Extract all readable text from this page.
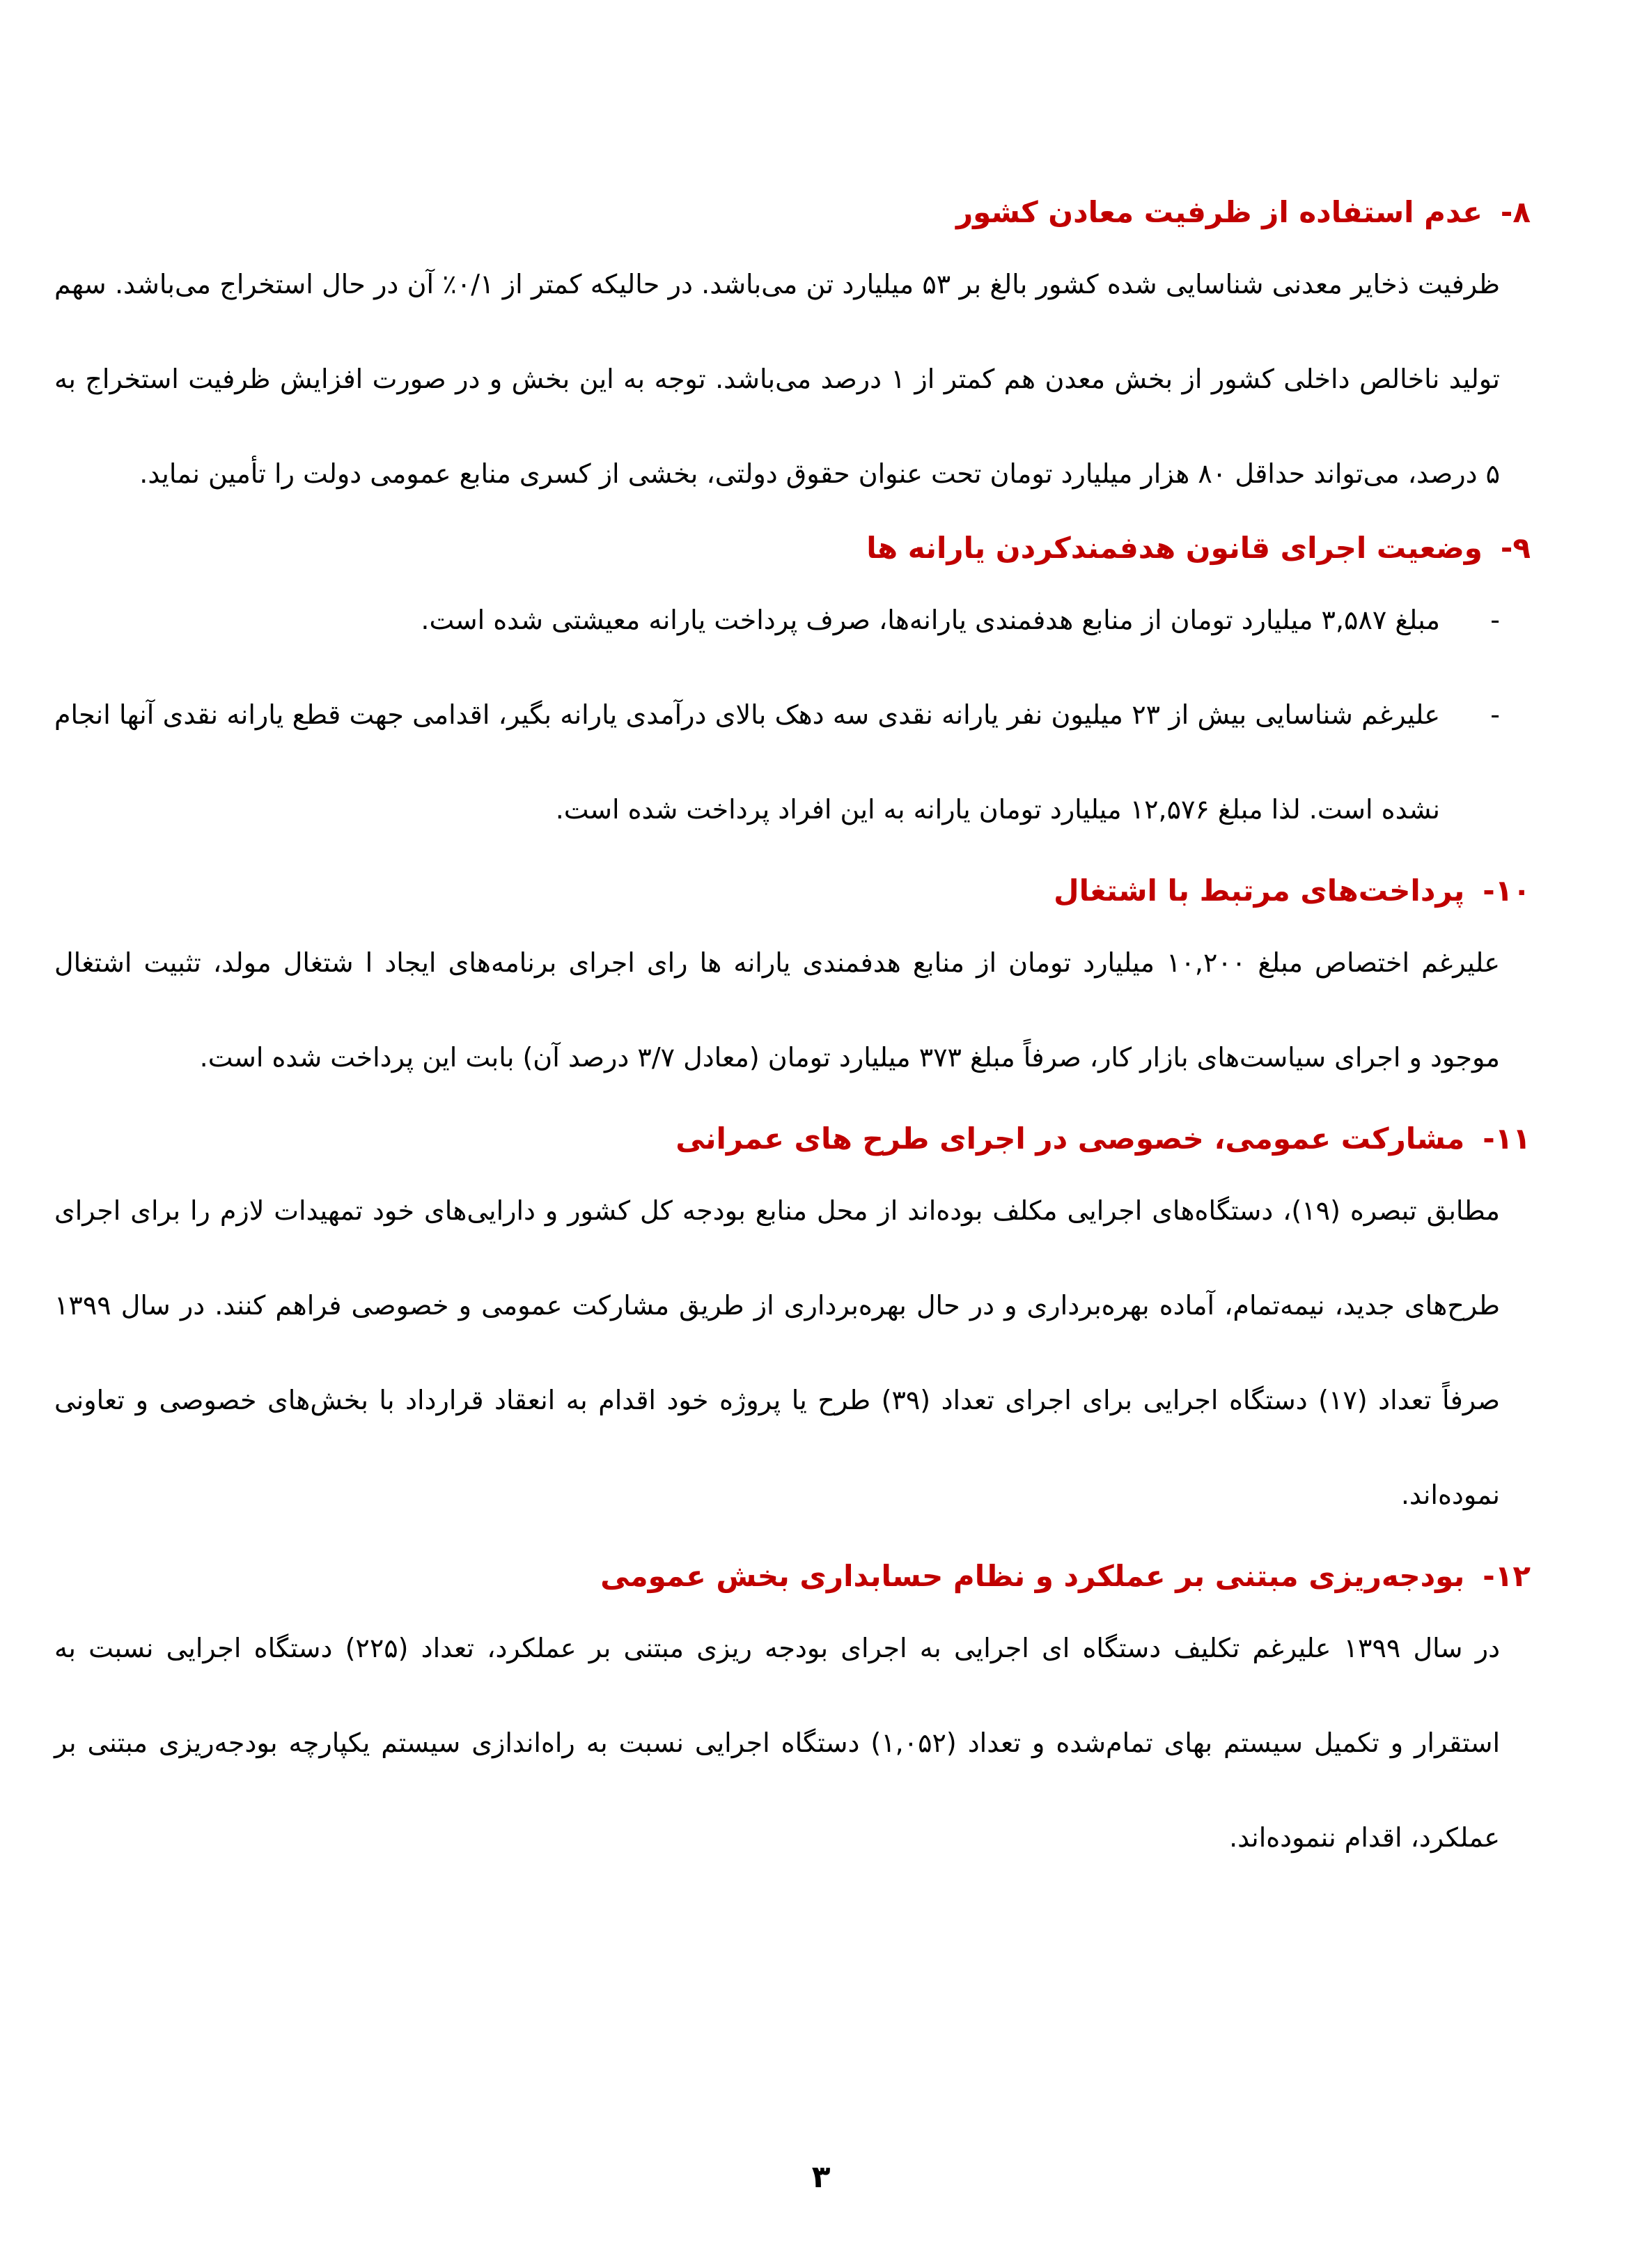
۸-عدم استفاده از ظرفیت معادن کشور

ظرفیت ذخایر معدنی شناسایی شده کشور بالغ بر ۵۳ میلیارد تن می‌باشد. در حالیکه کمتر از ۰/۱٪ آن در حال استخراج می‌باشد. سهم تولید ناخالص داخلی کشور از بخش معدن هم کمتر از ۱ درصد می‌باشد. توجه به این بخش و در صورت افزایش ظرفیت استخراج به ۵ درصد، می‌تواند حداقل ۸۰ هزار میلیارد تومان تحت عنوان حقوق دولتی، بخشی از کسری منابع عمومی دولت را تأمین نماید.

۹-وضعیت اجرای قانون هدفمندکردن یارانه ها
-
مبلغ ۳,۵۸۷ میلیارد تومان از منابع هدفمندی یارانه‌ها، صرف پرداخت یارانه معیشتی شده است.
-
علیرغم شناسایی بیش از ۲۳ میلیون نفر یارانه نقدی سه دهک بالای درآمدی یارانه بگیر، اقدامی جهت قطع یارانه نقدی آنها انجام نشده است. لذا مبلغ ۱۲,۵۷۶ میلیارد تومان یارانه به این افراد پرداخت شده است.
۱۰-پرداخت‌های مرتبط با اشتغال

علیرغم اختصاص مبلغ ۱۰,۲۰۰ میلیارد تومان از منابع هدفمندی یارانه ها رای اجرای برنامه‌های ایجاد ا شتغال مولد، تثبیت اشتغال موجود و اجرای سیاست‌های بازار کار، صرفاً مبلغ ۳۷۳ میلیارد تومان (معادل ۳/۷ درصد آن) بابت این پرداخت شده است.

۱۱-مشارکت عمومی، خصوصی در اجرای طرح های عمرانی

مطابق تبصره (۱۹)، دستگاه‌های اجرایی مکلف بوده‌اند از محل منابع بودجه کل کشور و دارایی‌های خود تمهیدات لازم را برای اجرای طرح‌های جدید، نیمه‌تمام، آماده بهره‌برداری و در حال بهره‌برداری از طریق مشارکت عمومی و خصوصی فراهم کنند. در سال ۱۳۹۹ صرفاً تعداد (۱۷) دستگاه اجرایی برای اجرای تعداد (۳۹) طرح یا پروژه خود اقدام به انعقاد قرارداد با بخش‌های خصوصی و تعاونی نموده‌اند.

۱۲-بودجه‌ریزی مبتنی بر عملکرد و نظام حسابداری بخش عمومی

در سال ۱۳۹۹ علیرغم تکلیف دستگاه ای اجرایی به اجرای بودجه ریزی مبتنی بر عملکرد، تعداد (۲۲۵) دستگاه اجرایی نسبت به استقرار و تکمیل سیستم بهای تمام‌شده و تعداد (۱,۰۵۲) دستگاه اجرایی نسبت به راه‌اندازی سیستم یکپارچه بودجه‌ریزی مبتنی بر عملکرد، اقدام ننموده‌اند.

۳
